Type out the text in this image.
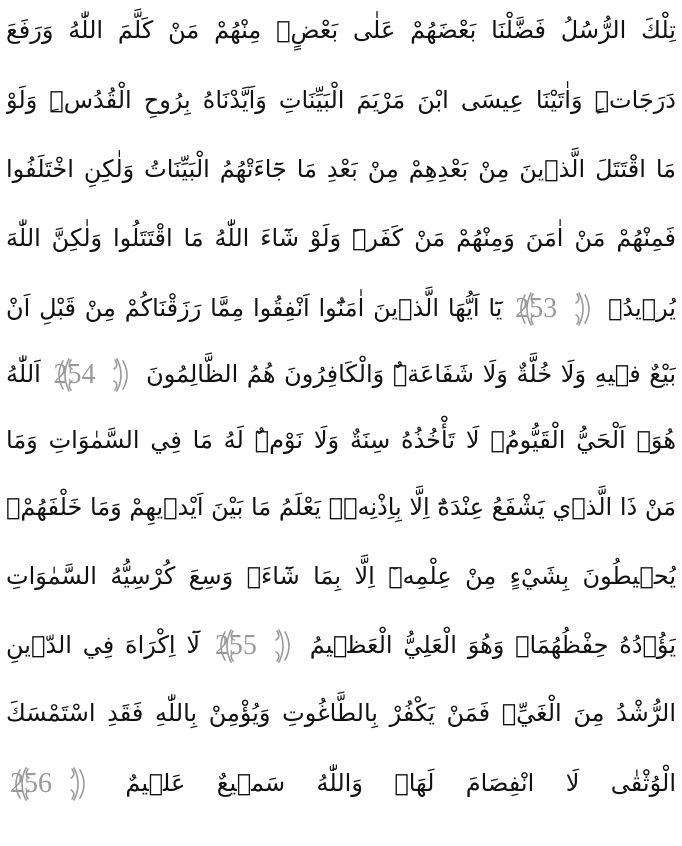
تِلْكَ الرُّسُلُ فَضَّلْنَا بَعْضَهُمْ عَلٰى بَعْضٍۢ مِنْهُمْ مَنْ كَلَّمَ اللّٰهُ وَرَفَعَ
دَرَجَاتٍۜ وَاٰتَيْنَا عِيسَى ابْنَ مَرْيَمَ الْبَيِّنَاتِ وَاَيَّدْنَاهُ بِرُوحِ الْقُدُسِۜ وَلَوْ
مَا اقْتَتَلَ الَّذ۪ينَ مِنْ بَعْدِهِمْ مِنْ بَعْدِ مَا جَٓاءَتْهُمُ الْبَيِّنَاتُ وَلٰكِنِ اخْتَلَفُوا
فَمِنْهُمْ مَنْ اٰمَنَ وَمِنْهُمْ مَنْ كَفَرَۜ وَلَوْ شَٓاءَ اللّٰهُ مَا اقْتَتَلُوا وَلٰكِنَّ اللّٰهَ
يُر۪يدُ۟
253
يَٓا اَيُّهَا الَّذ۪ينَ اٰمَنُٓوا اَنْفِقُوا مِمَّا رَزَقْنَاكُمْ مِنْ قَبْلِ اَنْ
بَيْعٌ ف۪يهِ وَلَا خُلَّةٌ وَلَا شَفَاعَةٌۜ وَالْكَافِرُونَ هُمُ الظَّالِمُونَ
254
اَللّٰهُ
هُوَۚ اَلْحَيُّ الْقَيُّومُۚ لَا تَأْخُذُهُ سِنَةٌ وَلَا نَوْمٌۜ لَهُ مَا فِي السَّمٰوَاتِ وَمَا
مَنْ ذَا الَّذ۪ي يَشْفَعُ عِنْدَهُٓ اِلَّا بِاِذْنِه۪ۜ يَعْلَمُ مَا بَيْنَ اَيْد۪يهِمْ وَمَا خَلْفَهُمْۚ
يُح۪يطُونَ بِشَيْءٍ مِنْ عِلْمِه۪ٓ اِلَّا بِمَا شَٓاءَۚ وَسِعَ كُرْسِيُّهُ السَّمٰوَاتِ
يَؤُ۫دُهُ حِفْظُهُمَاۚ وَهُوَ الْعَلِيُّ الْعَظ۪يمُ
255
لَٓا اِكْرَاهَ فِي الدّ۪ينِ
الرُّشْدُ مِنَ الْغَيِّۚ فَمَنْ يَكْفُرْ بِالطَّاغُوتِ وَيُؤْمِنْ بِاللّٰهِ فَقَدِ اسْتَمْسَكَ
الْوُثْقٰى لَا انْفِصَامَ لَهَاۜ وَاللّٰهُ سَم۪يعٌ عَل۪يمٌ
256
